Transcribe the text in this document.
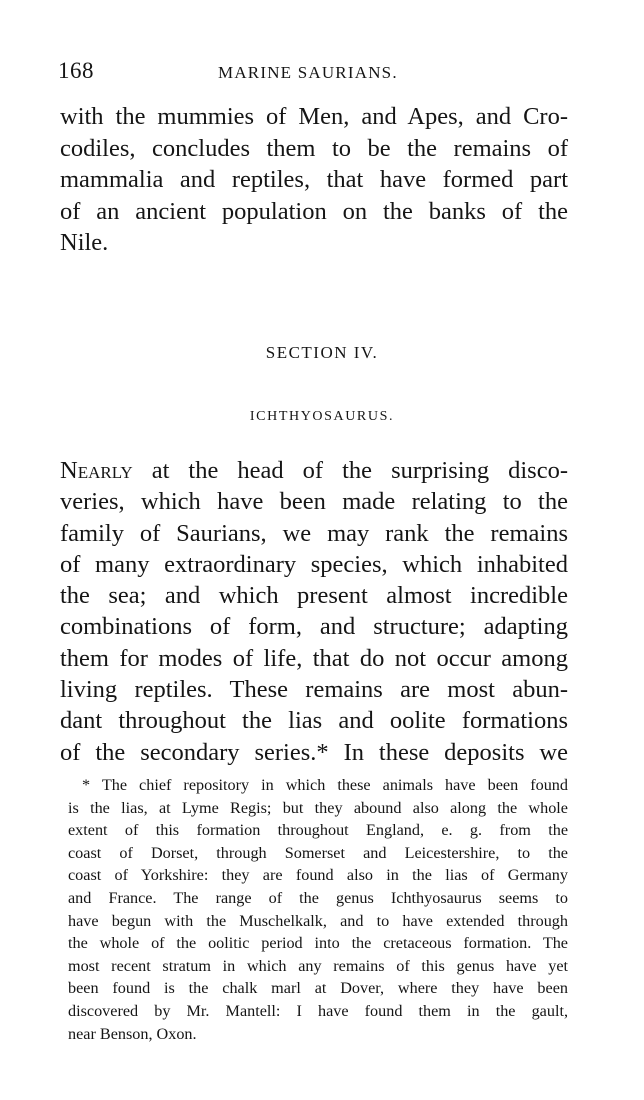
168	MARINE SAURIANS.
with the mummies of Men, and Apes, and Cro-
codiles, concludes them to be the remains of
mammalia and reptiles, that have formed part
of an ancient population on the banks of the
Nile.
SECTION IV.
ICHTHYOSAURUS.
Nearly at the head of the surprising disco-
veries, which have been made relating to the
family of Saurians, we may rank the remains
of many extraordinary species, which inhabited
the sea; and which present almost incredible
combinations of form, and structure; adapting
them for modes of life, that do not occur among
living reptiles. These remains are most abun-
dant throughout the lias and oolite formations
of the secondary series.* In these deposits we
* The chief repository in which these animals have been found
is the lias, at Lyme Regis; but they abound also along the whole
extent of this formation throughout England, e. g. from the
coast of Dorset, through Somerset and Leicestershire, to the
coast of Yorkshire: they are found also in the lias of Germany
and France. The range of the genus Ichthyosaurus seems to
have begun with the Muschelkalk, and to have extended through
the whole of the oolitic period into the cretaceous formation. The
most recent stratum in which any remains of this genus have yet
been found is the chalk marl at Dover, where they have been
discovered by Mr. Mantell: I have found them in the gault,
near Benson, Oxon.
